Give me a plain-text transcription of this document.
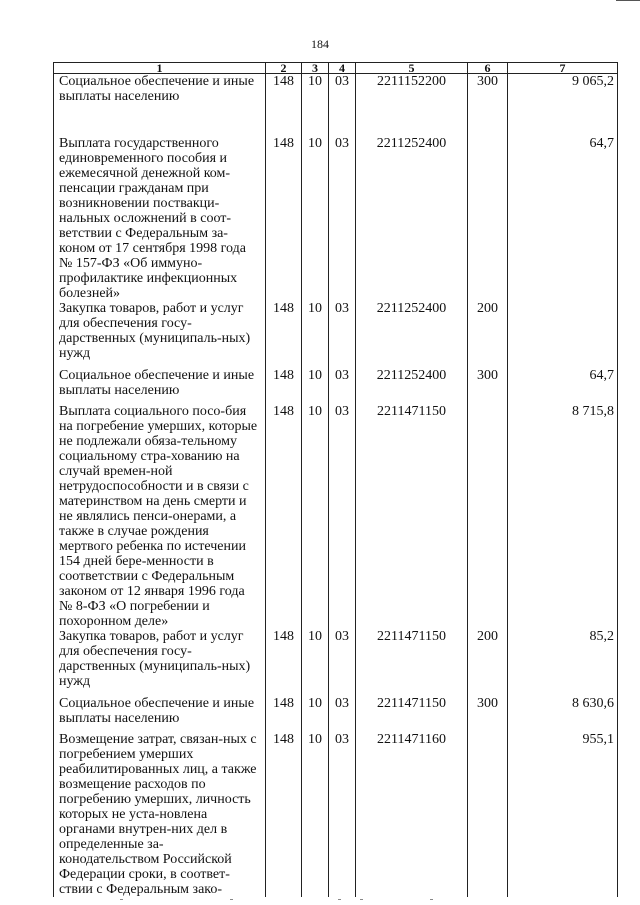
184
1	2	3	4	5	6	7
Социальное обеспечение и иные выплаты населению	148	10	03	2211152200	300	9 065,2
Выплата государственного единовременного пособия и ежемесячной денежной ком-пенсации гражданам при возникновении поствакци-нальных осложнений в соот-ветствии с Федеральным за-коном от 17 сентября 1998 года № 157-ФЗ «Об иммуно-профилактике инфекционных болезней»	148	10	03	2211252400		64,7
Закупка товаров, работ и услуг для обеспечения госу-дарственных (муниципаль-ных) нужд	148	10	03	2211252400	200	
Социальное обеспечение и иные выплаты населению	148	10	03	2211252400	300	64,7
Выплата социального посо-бия на погребение умерших, которые не подлежали обяза-тельному социальному стра-хованию на случай времен-ной нетрудоспособности и в связи с материнством на день смерти и не являлись пенси-онерами, а также в случае рождения мертвого ребенка по истечении 154 дней бере-менности в соответствии с Федеральным законом от 12 января 1996 года № 8-ФЗ «О погребении и похоронном деле»	148	10	03	2211471150		8 715,8
Закупка товаров, работ и услуг для обеспечения госу-дарственных (муниципаль-ных) нужд	148	10	03	2211471150	200	85,2
Социальное обеспечение и иные выплаты населению	148	10	03	2211471150	300	8 630,6
Возмещение затрат, связан-ных с погребением умерших реабилитированных лиц, а также возмещение расходов по погребению умерших, личность которых не уста-новлена органами внутрен-них дел в определенные за-конодательством Российской Федерации сроки, в соответ-ствии с Федеральным зако-	148	10	03	2211471160		955,1
